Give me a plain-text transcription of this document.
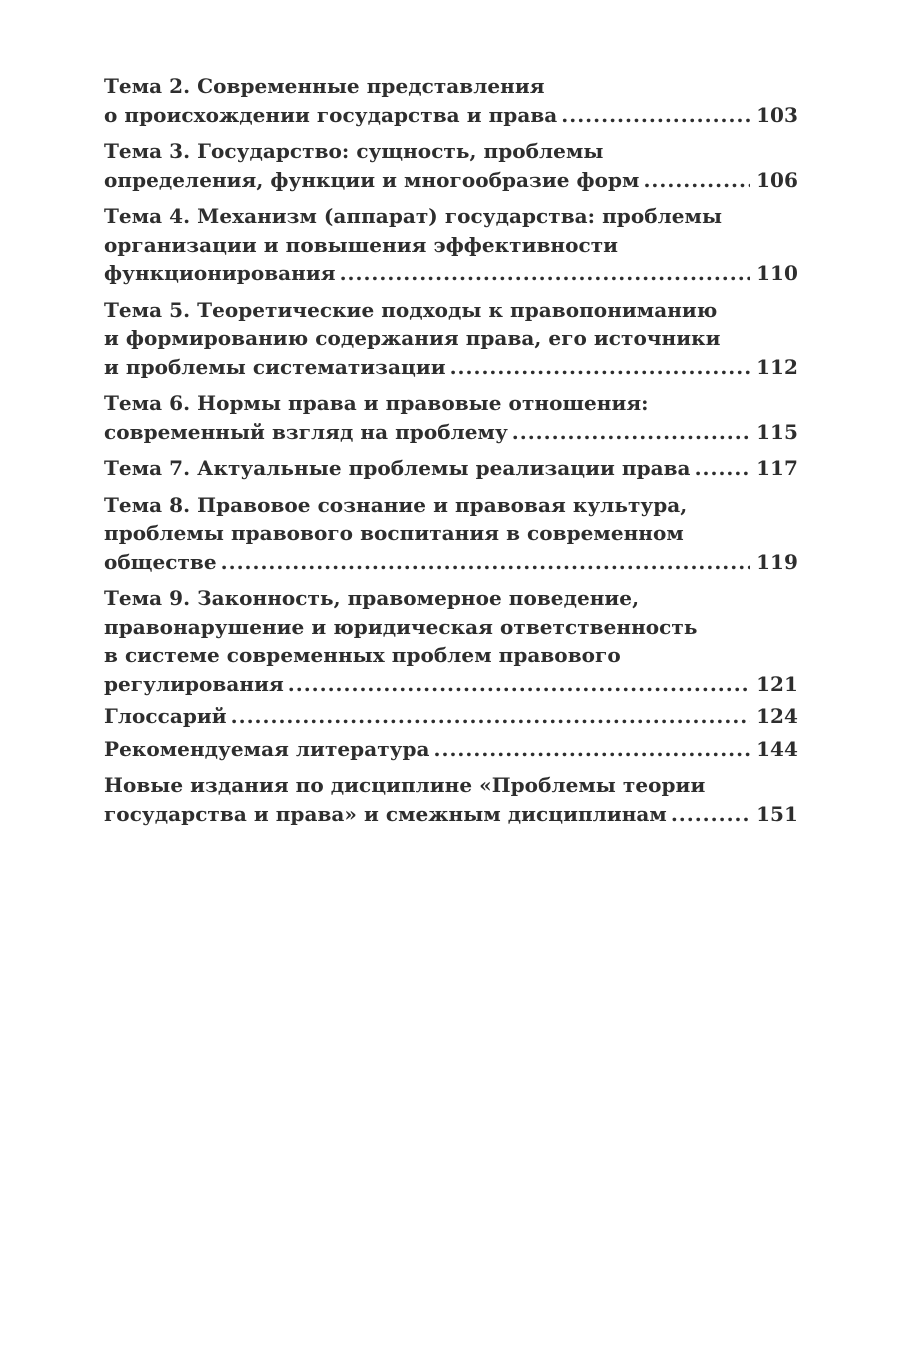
Тема 2. Современные представления
о происхождении государства и права .....	103
Тема 3. Государство: сущность, проблемы
определения, функции и многообразие форм .....	106
Тема 4. Механизм (аппарат) государства: проблемы
организации и повышения эффективности
функционирования .....	110
Тема 5. Теоретические подходы к правопониманию
и формированию содержания права, его источники
и проблемы систематизации .....	112
Тема 6. Нормы права и правовые отношения:
современный взгляд на проблему .....	115
Тема 7. Актуальные проблемы реализации права .....	117
Тема 8. Правовое сознание и правовая культура,
проблемы правового воспитания в современном
обществе .....	119
Тема 9. Законность, правомерное поведение,
правонарушение и юридическая ответственность
в системе современных проблем правового
регулирования .....	121
Глоссарий .....	124
Рекомендуемая литература .....	144
Новые издания по дисциплине «Проблемы теории
государства и права» и смежным дисциплинам .....	151
